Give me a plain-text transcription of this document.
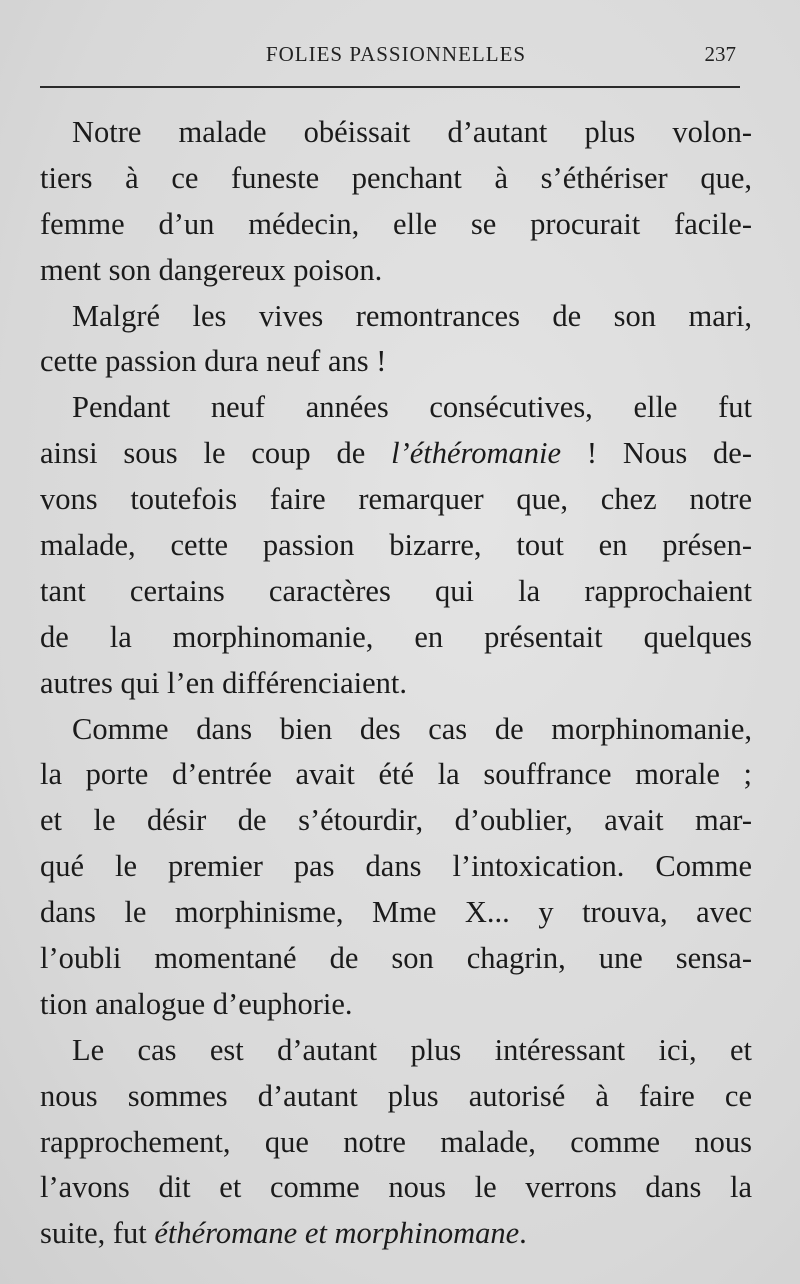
FOLIES PASSIONNELLES	237
Notre malade obéissait d’autant plus volon-
tiers à ce funeste penchant à s’éthériser que,
femme d’un médecin, elle se procurait facile-
ment son dangereux poison.
Malgré les vives remontrances de son mari,
cette passion dura neuf ans !
Pendant neuf années consécutives, elle fut
ainsi sous le coup de l’éthéromanie ! Nous de-
vons toutefois faire remarquer que, chez notre
malade, cette passion bizarre, tout en présen-
tant certains caractères qui la rapprochaient
de la morphinomanie, en présentait quelques
autres qui l’en différenciaient.
Comme dans bien des cas de morphinomanie,
la porte d’entrée avait été la souffrance morale ;
et le désir de s’étourdir, d’oublier, avait mar-
qué le premier pas dans l’intoxication. Comme
dans le morphinisme, Mme X... y trouva, avec
l’oubli momentané de son chagrin, une sensa-
tion analogue d’euphorie.
Le cas est d’autant plus intéressant ici, et
nous sommes d’autant plus autorisé à faire ce
rapprochement, que notre malade, comme nous
l’avons dit et comme nous le verrons dans la
suite, fut éthéromane et morphinomane.
